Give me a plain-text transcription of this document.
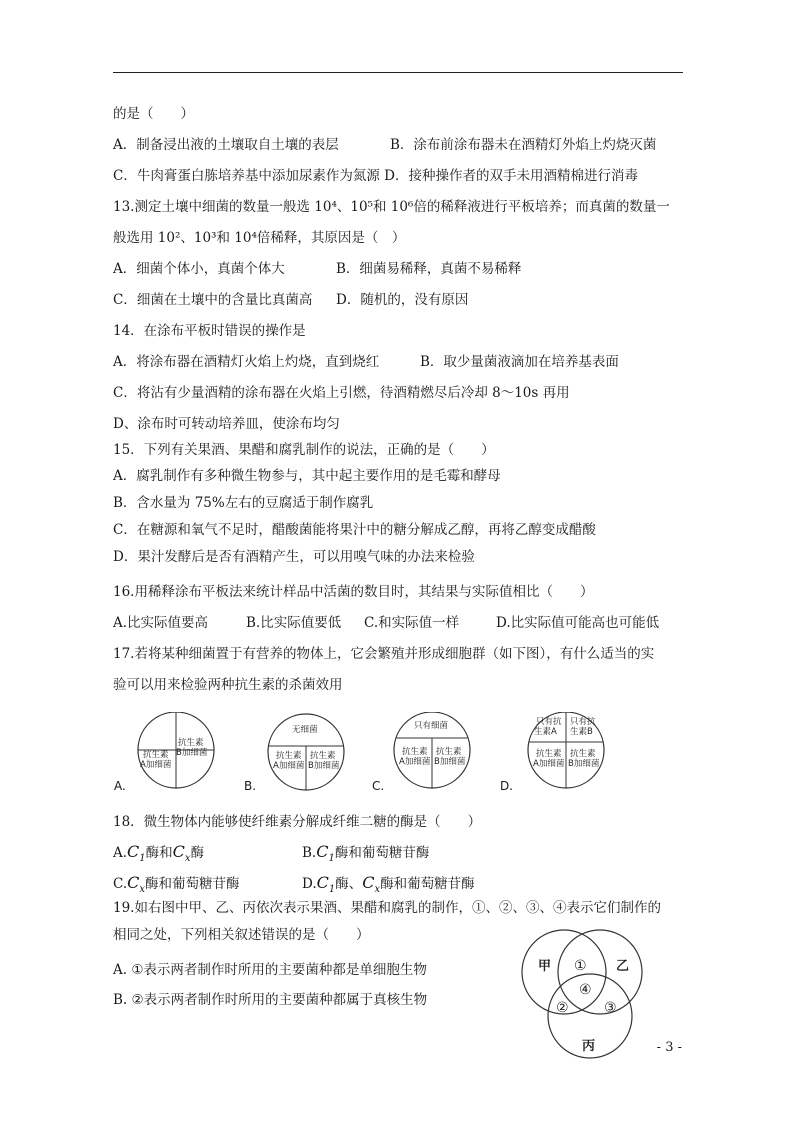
的是（　　）
A．制备浸出液的土壤取自土壤的表层	B．涂布前涂布器未在酒精灯外焰上灼烧灭菌
C．牛肉膏蛋白胨培养基中添加尿素作为氮源 D．接种操作者的双手未用酒精棉进行消毒
13.测定土壤中细菌的数量一般选 10⁴、10⁵和 10⁶倍的稀释液进行平板培养；而真菌的数量一
般选用 10²、10³和 10⁴倍稀释，其原因是（　）
A．细菌个体小，真菌个体大	B．细菌易稀释，真菌不易稀释
C．细菌在土壤中的含量比真菌高 D．随机的，没有原因
14．在涂布平板时错误的操作是
A．将涂布器在酒精灯火焰上灼烧，直到烧红	B．取少量菌液滴加在培养基表面
C．将沾有少量酒精的涂布器在火焰上引燃，待酒精燃尽后冷却 8～10s 再用
D、涂布时可转动培养皿，使涂布均匀
15．下列有关果酒、果醋和腐乳制作的说法，正确的是（　　）
A．腐乳制作有多种微生物参与，其中起主要作用的是毛霉和酵母
B．含水量为 75%左右的豆腐适于制作腐乳
C．在糖源和氧气不足时，醋酸菌能将果汁中的糖分解成乙醇，再将乙醇变成醋酸
D．果汁发酵后是否有酒精产生，可以用嗅气味的办法来检验
16.用稀释涂布平板法来统计样品中活菌的数目时，其结果与实际值相比（　　）
A.比实际值要高	B.比实际值要低 C.和实际值一样	D.比实际值可能高也可能低
17.若将某种细菌置于有营养的物体上，它会繁殖并形成细胞群（如下图），有什么适当的实
验可以用来检验两种抗生素的杀菌效用
A.
抗生素 B加细菌
抗生素 A加细菌
B.
无细菌
抗生素 A加细菌
抗生素 B加细菌
C.
只有细菌
抗生素 A加细菌
抗生素 B加细菌
D.
只有抗生素A
只有抗生素B
抗生素 A加细菌
抗生素 B加细菌
18．微生物体内能够使纤维素分解成纤维二糖的酶是（　　）
$A.C_1$酶和$C_x$酶	$B.C_1$酶和葡萄糖苷酶
$C.C_x$酶和葡萄糖苷酶	$D.C_1$酶、$C_x$酶和葡萄糖苷酶
19.如右图中甲、乙、丙依次表示果酒、果醋和腐乳的制作，①、②、③、④表示它们制作的
相同之处，下列相关叙述错误的是（　　）
A. ①表示两者制作时所用的主要菌种都是单细胞生物
B. ②表示两者制作时所用的主要菌种都属于真核生物
甲	乙
丙
①
②	③
④
- 3 -
